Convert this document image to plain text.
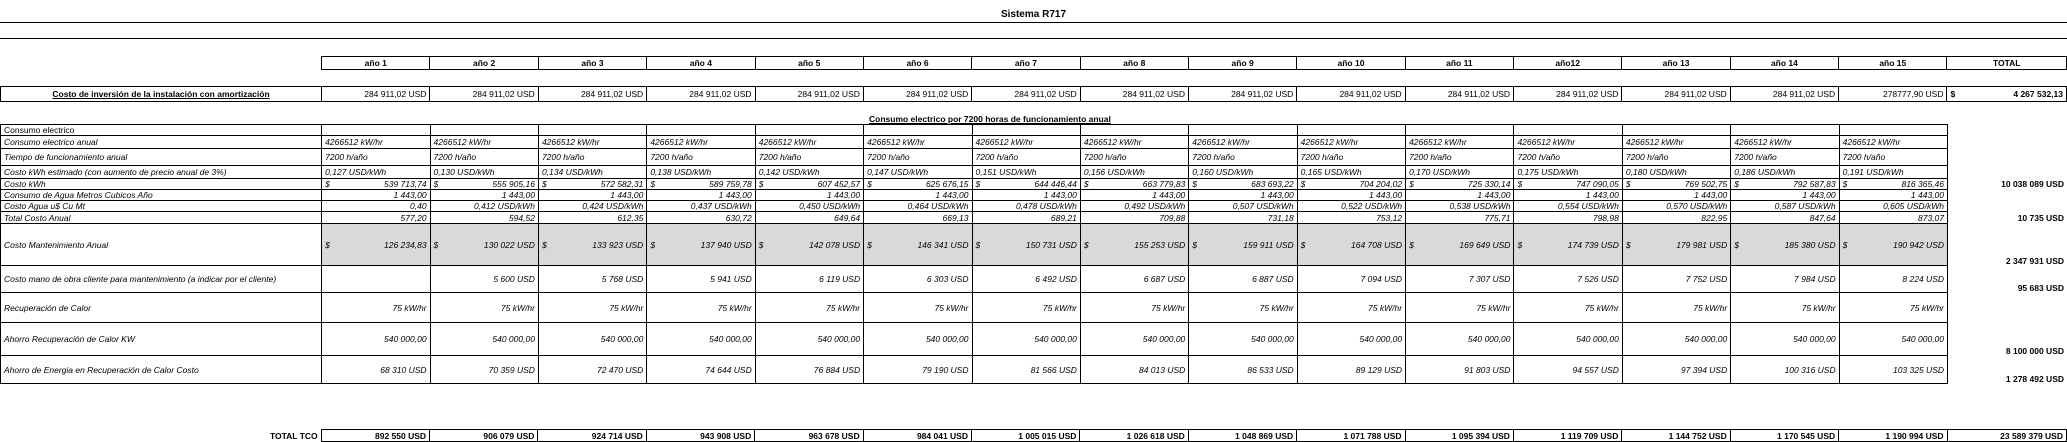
Sistema R717
	año 1	año 2	año 3	año 4	año 5	año 6	año 7	año 8	año 9	año 10	año 11	año12	año 13	año 14	año 15	TOTAL

Costo de inversión de la instalación con amortización	284 911,02 USD	284 911,02 USD	284 911,02 USD	284 911,02 USD	284 911,02 USD	284 911,02 USD	284 911,02 USD	284 911,02 USD	284 911,02 USD	284 911,02 USD	284 911,02 USD	284 911,02 USD	284 911,02 USD	284 911,02 USD	278777,90 USD	$ 4 267 532,13
Consumo electrico por 7200 horas de funcionamiento anual
Consumo electrico																
Consumo electrico anual	4266512 kW/hr	4266512 kW/hr	4266512 kW/hr	4266512 kW/hr	4266512 kW/hr	4266512 kW/hr	4266512 kW/hr	4266512 kW/hr	4266512 kW/hr	4266512 kW/hr	4266512 kW/hr	4266512 kW/hr	4266512 kW/hr	4266512 kW/hr	4266512 kW/hr	
Tiempo de funcionamiento anual	7200 h/año	7200 h/año	7200 h/año	7200 h/año	7200 h/año	7200 h/año	7200 h/año	7200 h/año	7200 h/año	7200 h/año	7200 h/año	7200 h/año	7200 h/año	7200 h/año	7200 h/año	
Costo kWh estimado (con aumento de precio anual de 3%)	0,127 USD/kWh	0,130 USD/kWh	0,134 USD/kWh	0,138 USD/kWh	0,142 USD/kWh	0,147 USD/kWh	0,151 USD/kWh	0,156 USD/kWh	0,160 USD/kWh	0,165 USD/kWh	0,170 USD/kWh	0,175 USD/kWh	0,180 USD/kWh	0,186 USD/kWh	0,191 USD/kWh	
Costo kWh	$ 539 713,74	$ 555 905,16	$ 572 582,31	$ 589 759,78	$ 607 452,57	$ 625 676,15	$ 644 446,44	$ 663 779,83	$ 683 693,22	$ 704 204,02	$ 725 330,14	$ 747 090,05	$ 769 502,75	$ 792 587,83	$ 816 365,46	10 038 089 USD
Consumo de Agua Metros Cubicos Año	1 443,00	1 443,00	1 443,00	1 443,00	1 443,00	1 443,00	1 443,00	1 443,00	1 443,00	1 443,00	1 443,00	1 443,00	1 443,00	1 443,00	1 443,00	
Costo Agua u$ Cu Mt	0,40	0,412 USD/kWh	0,424 USD/kWh	0,437 USD/kWh	0,450 USD/kWh	0,464 USD/kWh	0,478 USD/kWh	0,492 USD/kWh	0,507 USD/kWh	0,522 USD/kWh	0,538 USD/kWh	0,554 USD/kWh	0,570 USD/kWh	0,587 USD/kWh	0,605 USD/kWh	
Total Costo Anual	577,20	594,52	612,35	630,72	649,64	669,13	689,21	709,88	731,18	753,12	775,71	798,98	822,95	847,64	873,07	10 735 USD
Costo Mantenimiento Anual	$ 126 234,83	$ 130 022 USD	$ 133 923 USD	$ 137 940 USD	$ 142 078 USD	$ 146 341 USD	$ 150 731 USD	$ 155 253 USD	$ 159 911 USD	$ 164 708 USD	$ 169 649 USD	$ 174 739 USD	$ 179 981 USD	$ 185 380 USD	$ 190 942 USD	2 347 931 USD
Costo mano de obra cliente para mantenimiento (a indicar por el cliente)		5 600 USD	5 768 USD	5 941 USD	6 119 USD	6 303 USD	6 492 USD	6 687 USD	6 887 USD	7 094 USD	7 307 USD	7 526 USD	7 752 USD	7 984 USD	8 224 USD	95 683 USD
Recuperación de Calor	75 kW/hr	75 kW/hr	75 kW/hr	75 kW/hr	75 kW/hr	75 kW/hr	75 kW/hr	75 kW/hr	75 kW/hr	75 kW/hr	75 kW/hr	75 kW/hr	75 kW/hr	75 kW/hr	75 kW/hr	
Ahorro Recuperación de Calor KW	540 000,00	540 000,00	540 000,00	540 000,00	540 000,00	540 000,00	540 000,00	540 000,00	540 000,00	540 000,00	540 000,00	540 000,00	540 000,00	540 000,00	540 000,00	8 100 000 USD
Ahorro de Energia en Recuperación de Calor Costo	68 310 USD	70 359 USD	72 470 USD	74 644 USD	76 884 USD	79 190 USD	81 566 USD	84 013 USD	86 533 USD	89 129 USD	91 803 USD	94 557 USD	97 394 USD	100 316 USD	103 325 USD	1 278 492 USD
TOTAL TCO	892 550 USD	906 079 USD	924 714 USD	943 908 USD	963 678 USD	984 041 USD	1 005 015 USD	1 026 618 USD	1 048 869 USD	1 071 788 USD	1 095 394 USD	1 119 709 USD	1 144 752 USD	1 170 545 USD	1 190 994 USD	23 589 379 USD
